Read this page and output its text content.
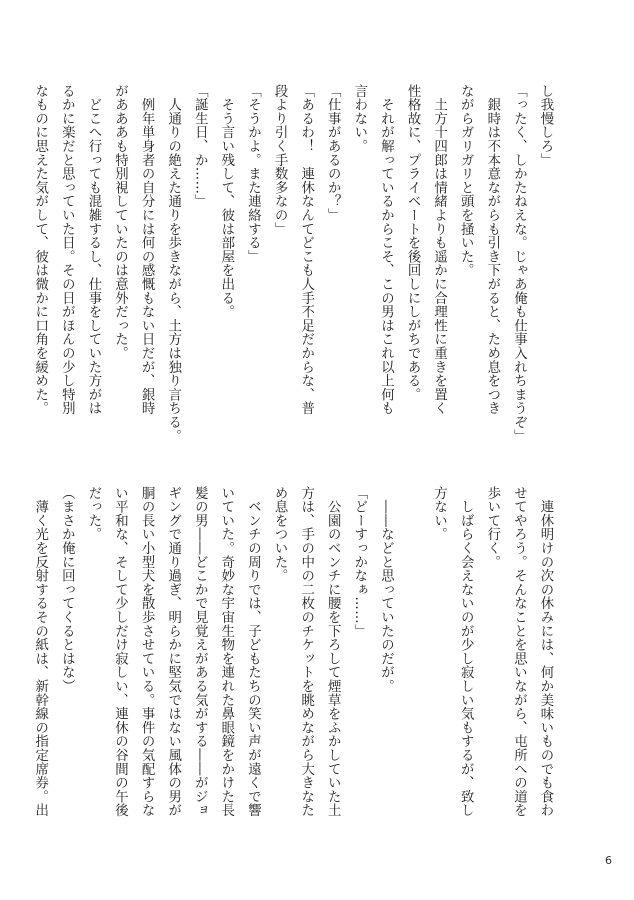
し我慢しろ」
「ったく、しかたねえな。じゃあ俺も仕事入れちまうぞ」
　銀時は不本意ながらも引き下がると、ため息をつき
ながらガリガリと頭を掻いた。
　土方十四郎は情緒よりも遥かに合理性に重きを置く
性格故に、プライベートを後回しにしがちである。
　それが解っているからこそ、この男はこれ以上何も
言わない。
「仕事があるのか？」
「あるわ！　連休なんてどこも人手不足だからな、普
段より引く手数多なの」
「そうかよ。また連絡する」
　そう言い残して、彼は部屋を出る。
「誕生日、か……」
　人通りの絶えた通りを歩きながら、土方は独り言ちる。
　例年単身者の自分には何の感慨もない日だが、銀時
があああも特別視していたのは意外だった。
　どこへ行っても混雑するし、仕事をしていた方がは
るかに楽だと思っていた日。その日がほんの少し特別
なものに思えた気がして、彼は微かに口角を緩めた。
　連休明けの次の休みには、何か美味いものでも食わ
せてやろう。そんなことを思いながら、屯所への道を
歩いて行く。
　しばらく会えないのが少し寂しい気もするが、致し
方ない。
　――などと思っていたのだが。
「どーすっかなぁ……」
　公園のベンチに腰を下ろして煙草をふかしていた土
方は、手の中の二枚のチケットを眺めながら大きなた
め息をついた。
　ベンチの周りでは、子どもたちの笑い声が遠くで響
いていた。奇妙な宇宙生物を連れた鼻眼鏡をかけた長
髪の男――どこかで見覚えがある気がする――がジョ
ギングで通り過ぎ、明らかに堅気ではない風体の男が
胴の長い小型犬を散歩させている。事件の気配すらな
い平和な、そして少しだけ寂しい、連休の谷間の午後
だった。
（まさか俺に回ってくるとはな）
　薄く光を反射するその紙は、新幹線の指定席券。出
6
